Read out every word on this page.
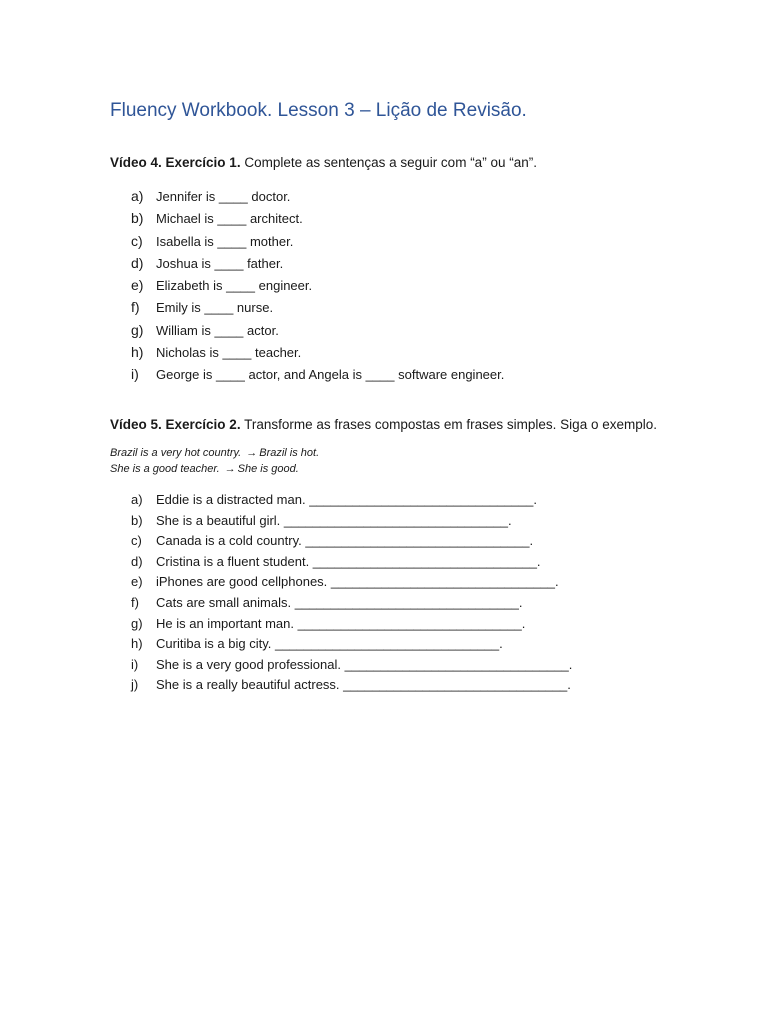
Fluency Workbook. Lesson 3 – Lição de Revisão.
Vídeo 4. Exercício 1. Complete as sentenças a seguir com “a” ou “an”.
a) Jennifer is ____ doctor.
b) Michael is ____ architect.
c) Isabella is ____ mother.
d) Joshua is ____ father.
e) Elizabeth is ____ engineer.
f) Emily is ____ nurse.
g) William is ____ actor.
h) Nicholas is ____ teacher.
i) George is ____ actor, and Angela is ____ software engineer.
Vídeo 5. Exercício 2. Transforme as frases compostas em frases simples. Siga o exemplo.
Brazil is a very hot country. → Brazil is hot.
She is a good teacher. → She is good.
a) Eddie is a distracted man. _______________________________.
b) She is a beautiful girl. _______________________________.
c) Canada is a cold country. _______________________________.
d) Cristina is a fluent student. _______________________________.
e) iPhones are good cellphones. _______________________________.
f) Cats are small animals. _______________________________.
g) He is an important man. _______________________________.
h) Curitiba is a big city. _______________________________.
i) She is a very good professional. _______________________________.
j) She is a really beautiful actress. _______________________________.
